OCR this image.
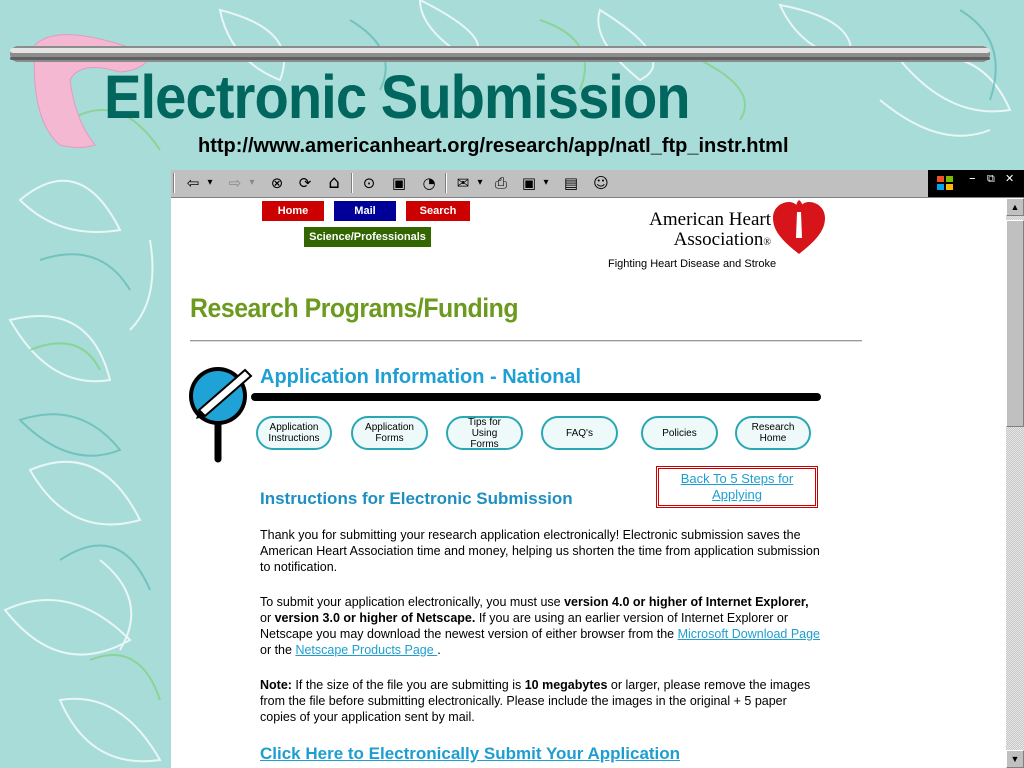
Electronic Submission
http://www.americanheart.org/research/app/natl_ftp_instr.html
⇦ ▾ ⇨ ▾ ⊗ ⟳ ⌂	⊙ ▣ ◔ ✉ ▾ ⎙ ▣ ▾ ▤ ☺	– ⧉ ✕
Home	Mail	Search
Science/Professionals
American Heart
Association®
Fighting Heart Disease and Stroke
Research Programs/Funding
Application Information - National
Application Instructions
Application Forms
Tips for Using Forms
FAQ's	Policies	Research Home
Back To 5 Steps for Applying
Instructions for Electronic Submission
Thank you for submitting your research application electronically! Electronic submission saves the American Heart Association time and money, helping us shorten the time from application submission to notification.
To submit your application electronically, you must use version 4.0 or higher of Internet Explorer, or version 3.0 or higher of Netscape. If you are using an earlier version of Internet Explorer or Netscape you may download the newest version of either browser from the Microsoft Download Page or the Netscape Products Page .
Note: If the size of the file you are submitting is 10 megabytes or larger, please remove the images from the file before submitting electronically. Please include the images in the original + 5 paper copies of your application sent by mail.
Click Here to Electronically Submit Your Application
▲
▼
